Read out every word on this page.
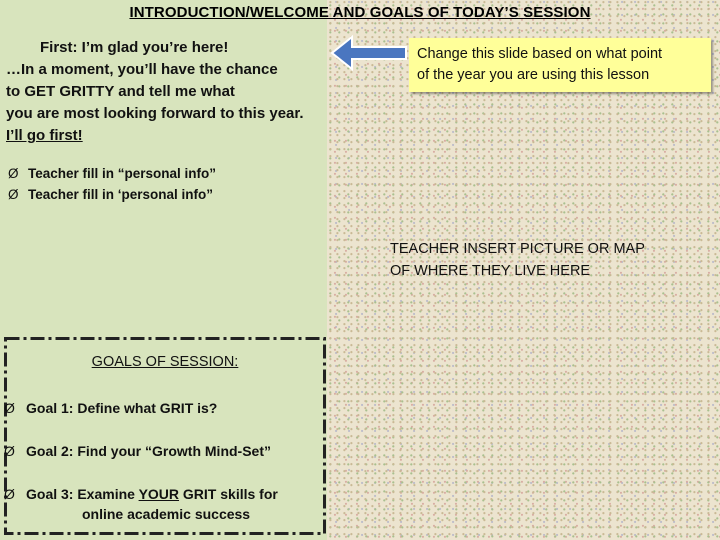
INTRODUCTION/WELCOME AND GOALS OF TODAY’S SESSION
First: I’m glad you’re here!
…In a moment, you’ll have the chance
to GET GRITTY and tell me what
you are most looking forward to this year.
I’ll go first!
Change this slide based on what point
of the year you are using this lesson
Ø Teacher fill in “personal info”
Ø Teacher fill in ‘personal info”
TEACHER INSERT PICTURE OR MAP
OF WHERE THEY LIVE HERE
GOALS OF SESSION:
Ø Goal 1: Define what GRIT is?
Ø Goal 2: Find your “Growth Mind-Set”
Ø Goal 3: Examine YOUR GRIT skills for
online academic success
